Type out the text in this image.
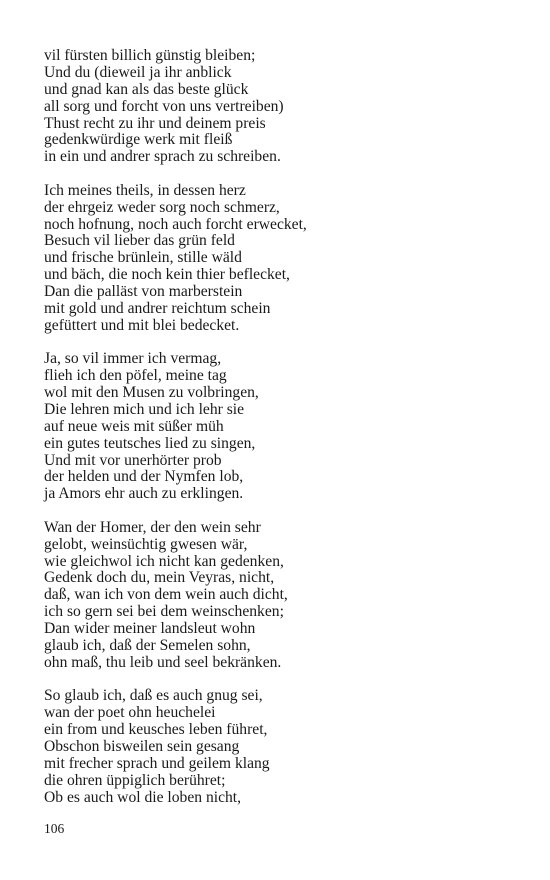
vil fürsten billich günstig bleiben;
Und du (dieweil ja ihr anblick
und gnad kan als das beste glück
all sorg und forcht von uns vertreiben)
Thust recht zu ihr und deinem preis
gedenkwürdige werk mit fleiß
in ein und andrer sprach zu schreiben.
Ich meines theils, in dessen herz
der ehrgeiz weder sorg noch schmerz,
noch hofnung, noch auch forcht erwecket,
Besuch vil lieber das grün feld
und frische brünlein, stille wäld
und bäch, die noch kein thier beflecket,
Dan die palläst von marberstein
mit gold und andrer reichtum schein
gefüttert und mit blei bedecket.
Ja, so vil immer ich vermag,
flieh ich den pöfel, meine tag
wol mit den Musen zu volbringen,
Die lehren mich und ich lehr sie
auf neue weis mit süßer müh
ein gutes teutsches lied zu singen,
Und mit vor unerhörter prob
der helden und der Nymfen lob,
ja Amors ehr auch zu erklingen.
Wan der Homer, der den wein sehr
gelobt, weinsüchtig gwesen wär,
wie gleichwol ich nicht kan gedenken,
Gedenk doch du, mein Veyras, nicht,
daß, wan ich von dem wein auch dicht,
ich so gern sei bei dem weinschenken;
Dan wider meiner landsleut wohn
glaub ich, daß der Semelen sohn,
ohn maß, thu leib und seel bekränken.
So glaub ich, daß es auch gnug sei,
wan der poet ohn heuchelei
ein from und keusches leben führet,
Obschon bisweilen sein gesang
mit frecher sprach und geilem klang
die ohren üppiglich berühret;
Ob es auch wol die loben nicht,
106
